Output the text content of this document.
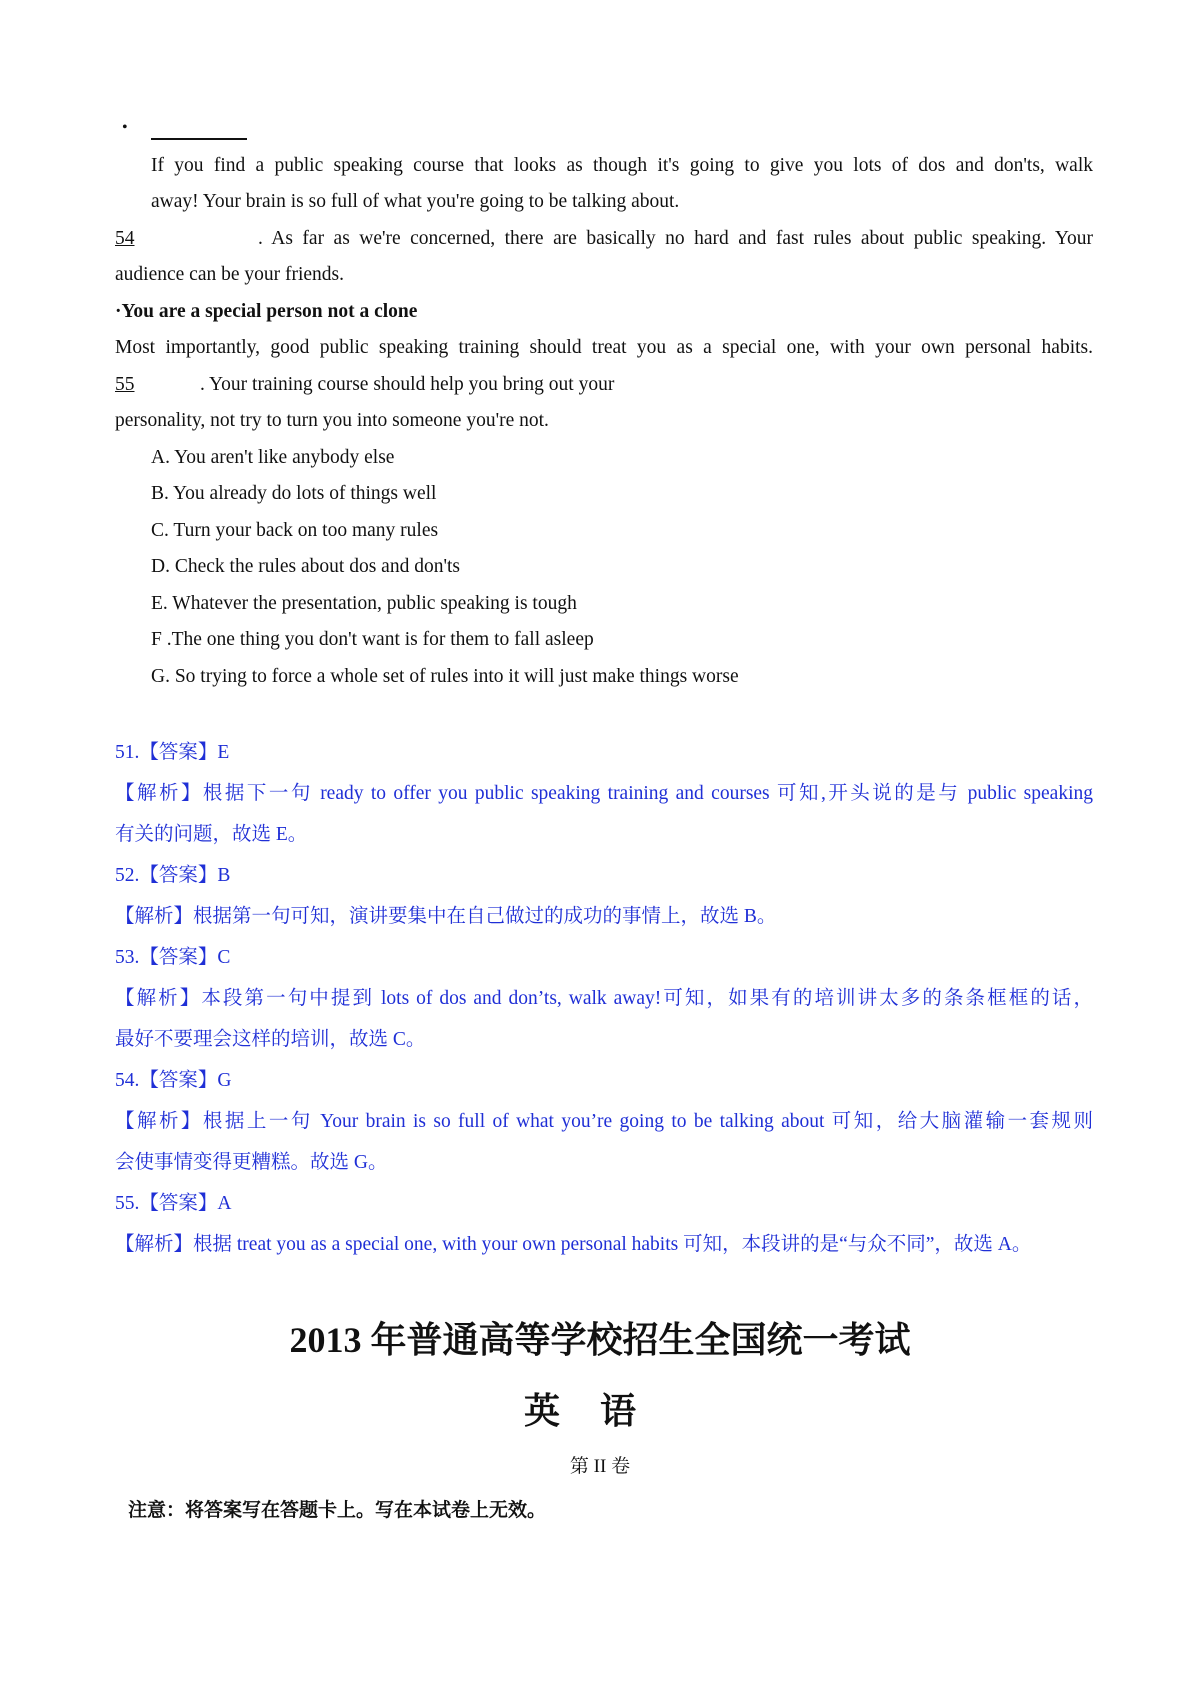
•
If you find a public speaking course that looks as though it's going to give you lots of dos and don'ts, walk
away! Your brain is so full of what you're going to be talking about.
54	. As far as we're concerned, there are basically no hard and fast rules about public speaking. Your
audience can be your friends.
·You are a special person not a clone
Most importantly, good public speaking training should treat you as a special one, with your own personal habits.
55	. Your training course should help you bring out your
personality, not try to turn you into someone you're not.
A. You aren't like anybody else
B. You already do lots of things well
C. Turn your back on too many rules
D. Check the rules about dos and don'ts
E. Whatever the presentation, public speaking is tough
F .The one thing you don't want is for them to fall asleep
G. So trying to force a whole set of rules into it will just make things worse
51.【答案】E
【解析】根据下一句 ready to offer you public speaking training and courses 可知,开头说的是与 public speaking
有关的问题，故选 E。
52.【答案】B
【解析】根据第一句可知，演讲要集中在自己做过的成功的事情上，故选 B。
53.【答案】C
【解析】本段第一句中提到 lots of dos and don’ts, walk away!可知，如果有的培训讲太多的条条框框的话，
最好不要理会这样的培训，故选 C。
54.【答案】G
【解析】根据上一句 Your brain is so full of what you’re going to be talking about 可知，给大脑灌输一套规则
会使事情变得更糟糕。故选 G。
55.【答案】A
【解析】根据 treat you as a special one, with your own personal habits 可知，本段讲的是“与众不同”，故选 A。
2013 年普通高等学校招生全国统一考试
英语
第 II 卷
注意：将答案写在答题卡上。写在本试卷上无效。
